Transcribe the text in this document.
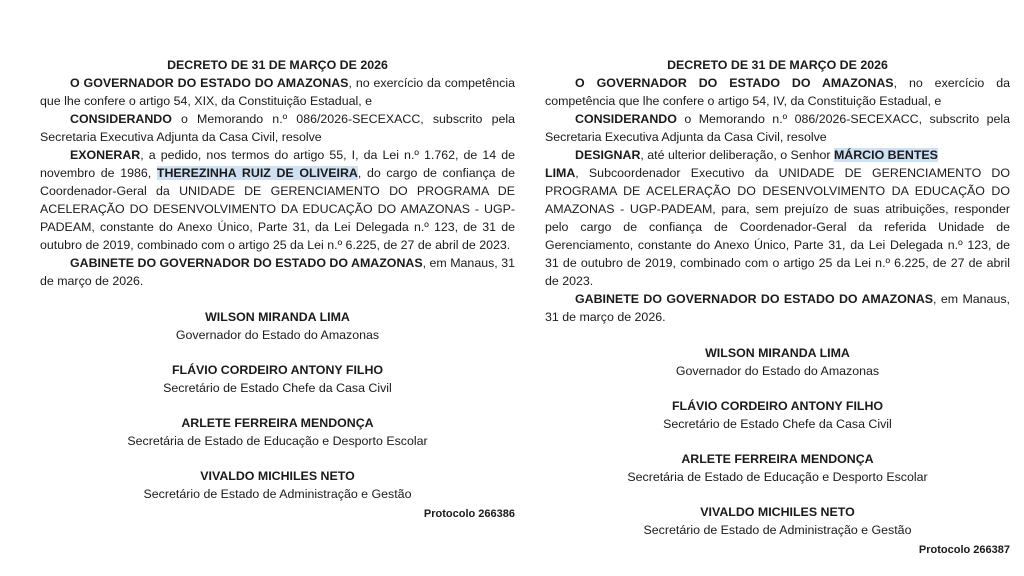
DECRETO DE 31 DE MARÇO DE 2026

O GOVERNADOR DO ESTADO DO AMAZONAS, no exercício da competência que lhe confere o artigo 54, XIX, da Constituição Estadual, e

CONSIDERANDO o Memorando n.º 086/2026-SECEXACC, subscrito pela Secretaria Executiva Adjunta da Casa Civil, resolve

EXONERAR, a pedido, nos termos do artigo 55, I, da Lei n.º 1.762, de 14 de novembro de 1986, THEREZINHA RUIZ DE OLIVEIRA, do cargo de confiança de Coordenador-Geral da UNIDADE DE GERENCIAMENTO DO PROGRAMA DE ACELERAÇÃO DO DESENVOLVIMENTO DA EDUCAÇÃO DO AMAZONAS - UGP-PADEAM, constante do Anexo Único, Parte 31, da Lei Delegada n.º 123, de 31 de outubro de 2019, combinado com o artigo 25 da Lei n.º 6.225, de 27 de abril de 2023.

GABINETE DO GOVERNADOR DO ESTADO DO AMAZONAS, em Manaus, 31 de março de 2026.

WILSON MIRANDA LIMA
Governador do Estado do Amazonas
FLÁVIO CORDEIRO ANTONY FILHO
Secretário de Estado Chefe da Casa Civil
ARLETE FERREIRA MENDONÇA
Secretária de Estado de Educação e Desporto Escolar
VIVALDO MICHILES NETO
Secretário de Estado de Administração e Gestão

Protocolo 266386

DECRETO DE 31 DE MARÇO DE 2026

O GOVERNADOR DO ESTADO DO AMAZONAS, no exercício da competência que lhe confere o artigo 54, IV, da Constituição Estadual, e

CONSIDERANDO o Memorando n.º 086/2026-SECEXACC, subscrito pela Secretaria Executiva Adjunta da Casa Civil, resolve

DESIGNAR, até ulterior deliberação, o Senhor MÁRCIO BENTES
LIMA, Subcoordenador Executivo da UNIDADE DE GERENCIAMENTO DO PROGRAMA DE ACELERAÇÃO DO DESENVOLVIMENTO DA EDUCAÇÃO DO AMAZONAS - UGP-PADEAM, para, sem prejuízo de suas atribuições, responder pelo cargo de confiança de Coordenador-Geral da referida Unidade de Gerenciamento, constante do Anexo Único, Parte 31, da Lei Delegada n.º 123, de 31 de outubro de 2019, combinado com o artigo 25 da Lei n.º 6.225, de 27 de abril de 2023.

GABINETE DO GOVERNADOR DO ESTADO DO AMAZONAS, em Manaus, 31 de março de 2026.

WILSON MIRANDA LIMA
Governador do Estado do Amazonas
FLÁVIO CORDEIRO ANTONY FILHO
Secretário de Estado Chefe da Casa Civil
ARLETE FERREIRA MENDONÇA
Secretária de Estado de Educação e Desporto Escolar
VIVALDO MICHILES NETO
Secretário de Estado de Administração e Gestão

Protocolo 266387
